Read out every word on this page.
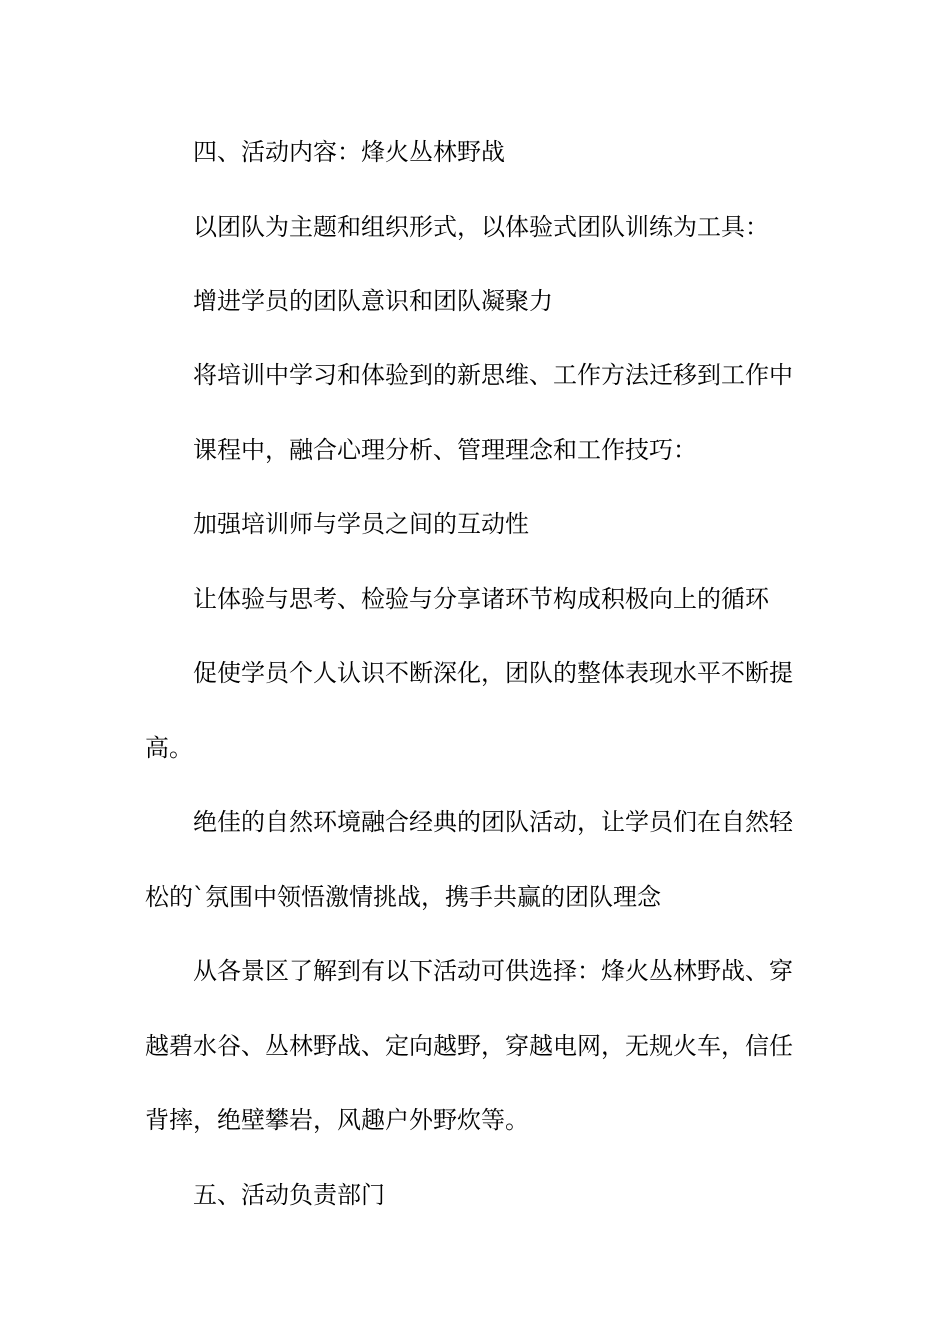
四、活动内容：烽火丛林野战

以团队为主题和组织形式，以体验式团队训练为工具：

增进学员的团队意识和团队凝聚力

将培训中学习和体验到的新思维、工作方法迁移到工作中

课程中，融合心理分析、管理理念和工作技巧：

加强培训师与学员之间的互动性

让体验与思考、检验与分享诸环节构成积极向上的循环

促使学员个人认识不断深化，团队的整体表现水平不断提

高。

绝佳的自然环境融合经典的团队活动，让学员们在自然轻

松的`氛围中领悟激情挑战，携手共赢的团队理念

从各景区了解到有以下活动可供选择：烽火丛林野战、穿

越碧水谷、丛林野战、定向越野，穿越电网，无规火车，信任

背摔，绝壁攀岩，风趣户外野炊等。

五、活动负责部门
